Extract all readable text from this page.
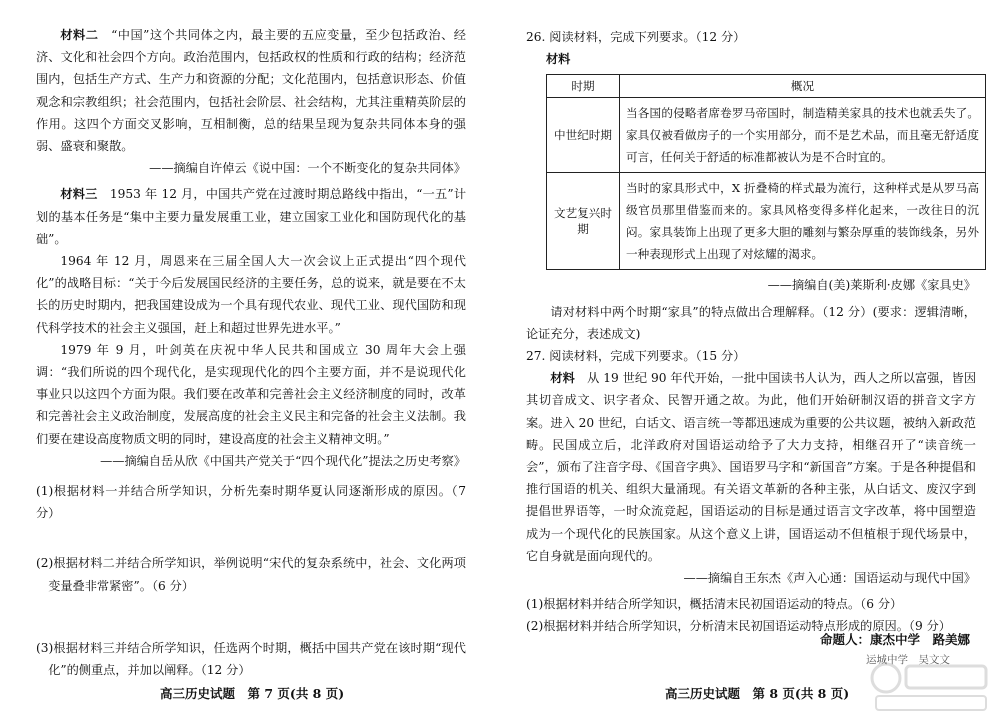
材料二　 “中国”这个共同体之内，最主要的五应变量，至少包括政治、经济、文化和社会四个方向。政治范围内，包括政权的性质和行政的结构；经济范围内，包括生产方式、生产力和资源的分配；文化范围内，包括意识形态、价值观念和宗教组织；社会范围内，包括社会阶层、社会结构，尤其注重精英阶层的作用。这四个方面交叉影响，互相制衡，总的结果呈现为复杂共同体本身的强弱、盛衰和聚散。

——摘编自许倬云《说中国：一个不断变化的复杂共同体》

材料三　 1953 年 12 月，中国共产党在过渡时期总路线中指出，“一五”计划的基本任务是“集中主要力量发展重工业，建立国家工业化和国防现代化的基础”。

1964 年 12 月，周恩来在三届全国人大一次会议上正式提出“四个现代化”的战略目标：“关于今后发展国民经济的主要任务，总的说来，就是要在不太长的历史时期内，把我国建设成为一个具有现代农业、现代工业、现代国防和现代科学技术的社会主义强国，赶上和超过世界先进水平。”

1979 年 9 月，叶剑英在庆祝中华人民共和国成立 30 周年大会上强调：“我们所说的四个现代化，是实现现代化的四个主要方面，并不是说现代化事业只以这四个方面为限。我们要在改革和完善社会主义经济制度的同时，改革和完善社会主义政治制度，发展高度的社会主义民主和完备的社会主义法制。我们要在建设高度物质文明的同时，建设高度的社会主义精神文明。”

——摘编自岳从欣《中国共产党关于“四个现代化”提法之历史考察》

(1)根据材料一并结合所学知识，分析先秦时期华夏认同逐渐形成的原因。（7 分）

(2)根据材料二并结合所学知识，举例说明“宋代的复杂系统中，社会、文化两项变量叠非常紧密”。（6 分）

(3)根据材料三并结合所学知识，任选两个时期，概括中国共产党在该时期“现代化”的侧重点，并加以阐释。（12 分）

高三历史试题　第 7 页(共 8 页)

26. 阅读材料，完成下列要求。（12 分）

材料

时期	概况
中世纪时期	当各国的侵略者席卷罗马帝国时，制造精美家具的技术也就丢失了。家具仅被看做房子的一个实用部分，而不是艺术品，而且毫无舒适度可言，任何关于舒适的标准都被认为是不合时宜的。
文艺复兴时期	当时的家具形式中，X 折叠椅的样式最为流行，这种样式是从罗马高级官员那里借鉴而来的。家具风格变得多样化起来，一改往日的沉闷。家具装饰上出现了更多大胆的雕刻与繁杂厚重的装饰线条，另外一种表现形式上出现了对炫耀的渴求。

——摘编自(美)莱斯利·皮娜《家具史》

请对材料中两个时期“家具”的特点做出合理解释。（12 分）(要求：逻辑清晰，论证充分，表述成文)

27. 阅读材料，完成下列要求。（15 分）

材料　 从 19 世纪 90 年代开始，一批中国读书人认为，西人之所以富强，皆因其切音成文、识字者众、民智开通之故。为此，他们开始研制汉语的拼音文字方案。进入 20 世纪，白话文、语言统一等都迅速成为重要的公共议题，被纳入新政范畴。民国成立后，北洋政府对国语运动给予了大力支持，相继召开了“读音统一会”，颁布了注音字母、《国音字典》、国语罗马字和“新国音”方案。于是各种提倡和推行国语的机关、组织大量涌现。有关语文革新的各种主张，从白话文、废汉字到提倡世界语等，一时众流竞起，国语运动的目标是通过语言文字改革，将中国塑造成为一个现代化的民族国家。从这个意义上讲，国语运动不但植根于现代场景中，它自身就是面向现代的。

——摘编自王东杰《声入心通：国语运动与现代中国》

(1)根据材料并结合所学知识，概括清末民初国语运动的特点。（6 分）

(2)根据材料并结合所学知识，分析清末民初国语运动特点形成的原因。（9 分）

命题人：康杰中学　路美娜
运城中学　吴文文
高三历史试题　第 8 页(共 8 页)
